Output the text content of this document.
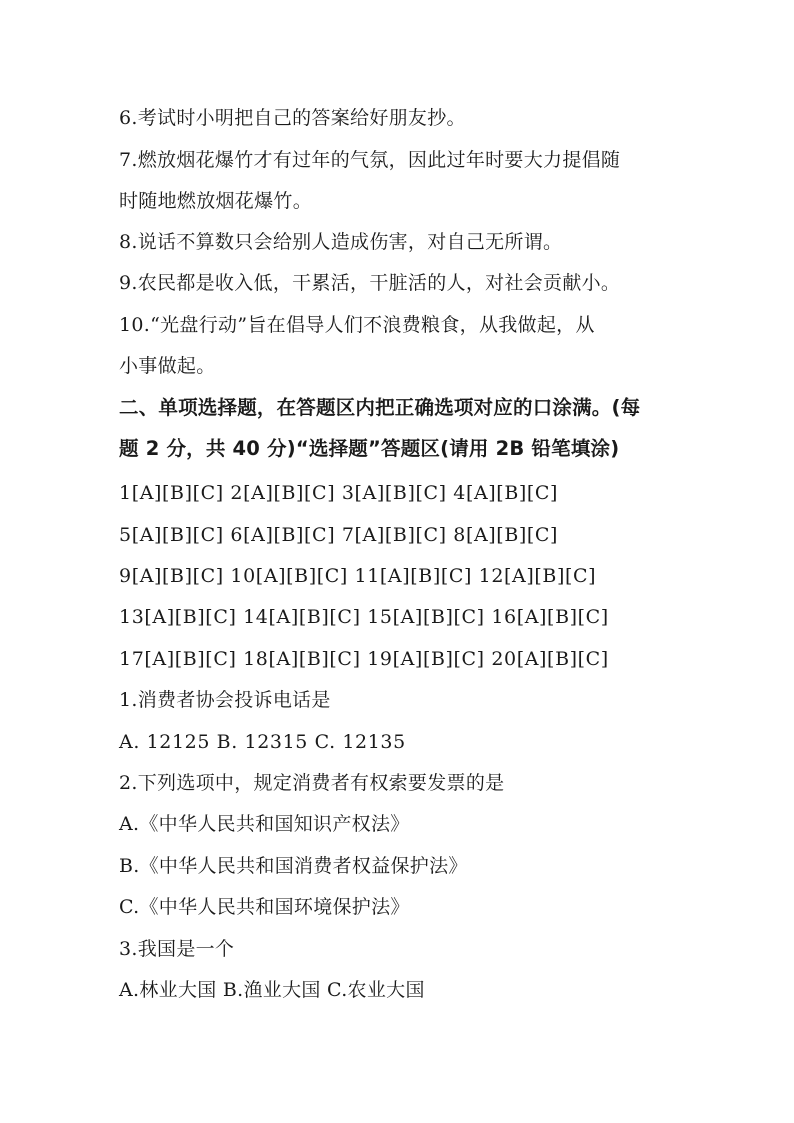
6.考试时小明把自己的答案给好朋友抄。
7.燃放烟花爆竹才有过年的气氛，因此过年时要大力提倡随
时随地燃放烟花爆竹。
8.说话不算数只会给别人造成伤害，对自己无所谓。
9.农民都是收入低，干累活，干脏活的人，对社会贡献小。
10.“光盘行动”旨在倡导人们不浪费粮食，从我做起，从
小事做起。
二、单项选择题，在答题区内把正确选项对应的口涂满。(每
题 2 分，共 40 分)“选择题”答题区(请用 2B 铅笔填涂)
1[A][B][C] 2[A][B][C] 3[A][B][C] 4[A][B][C]
5[A][B][C] 6[A][B][C] 7[A][B][C] 8[A][B][C]
9[A][B][C] 10[A][B][C] 11[A][B][C] 12[A][B][C]
13[A][B][C] 14[A][B][C] 15[A][B][C] 16[A][B][C]
17[A][B][C] 18[A][B][C] 19[A][B][C] 20[A][B][C]
1.消费者协会投诉电话是
A. 12125 B. 12315 C. 12135
2.下列选项中，规定消费者有权索要发票的是
A.《中华人民共和国知识产权法》
B.《中华人民共和国消费者权益保护法》
C.《中华人民共和国环境保护法》
3.我国是一个
A.林业大国 B.渔业大国 C.农业大国
